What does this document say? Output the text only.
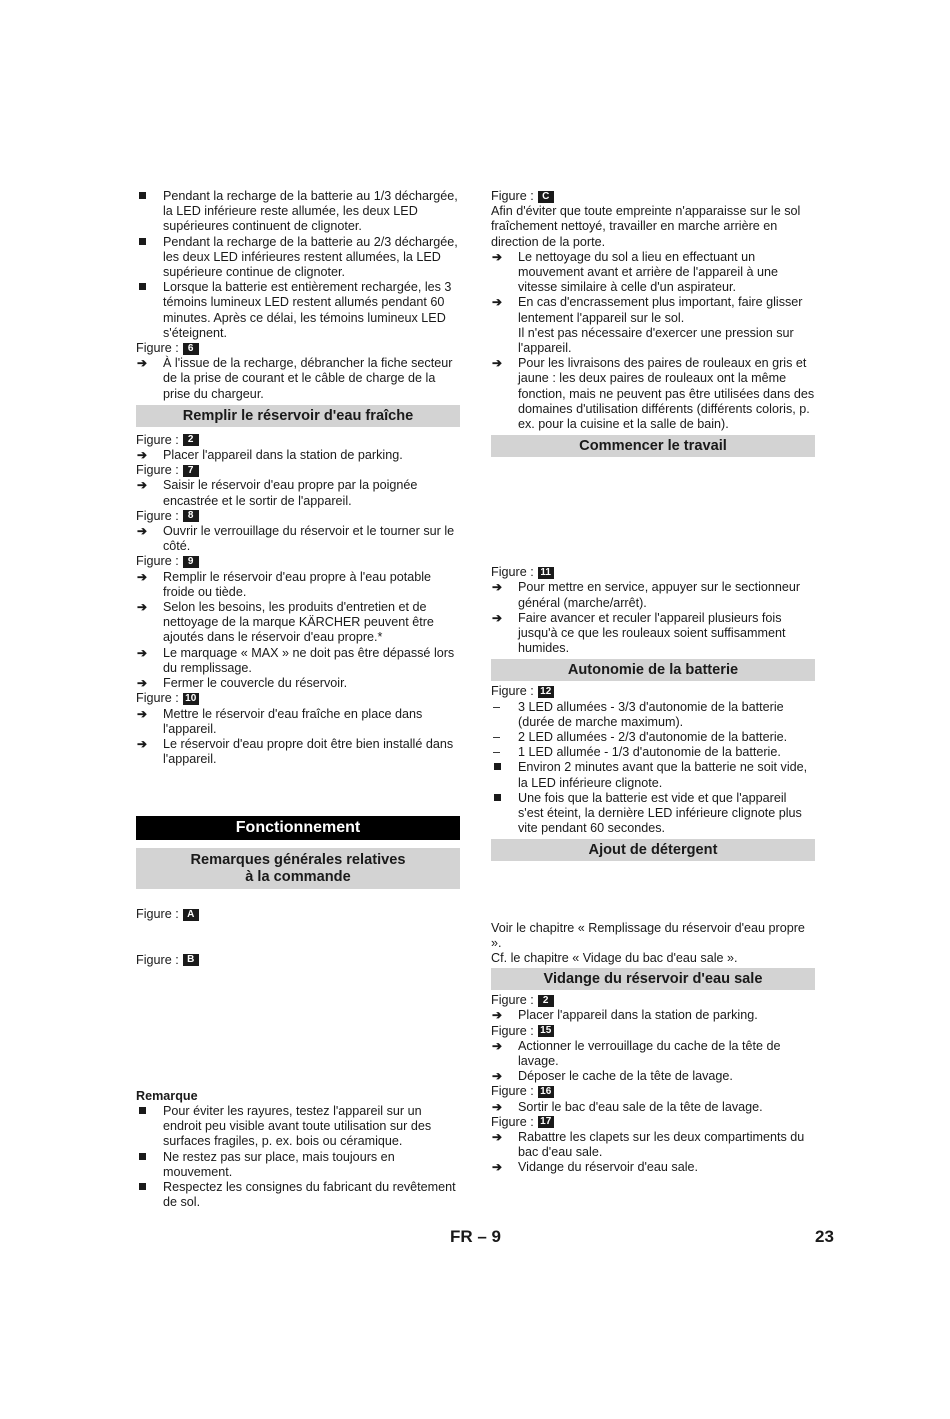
Pendant la recharge de la batterie au 1/3 déchargée, la LED inférieure reste allumée, les deux LED supérieures continuent de clignoter.
Pendant la recharge de la batterie au 2/3 déchargée, les deux LED inférieures restent allumées, la LED supérieure continue de clignoter.
Lorsque la batterie est entièrement rechargée, les 3 témoins lumineux LED restent allumés pendant 60 minutes. Après ce délai, les témoins lumineux LED s'éteignent.
Figure : 6
➔	À l'issue de la recharge, débrancher la fiche secteur de la prise de courant et le câble de charge de la prise du chargeur.
Remplir le réservoir d'eau fraîche
Figure : 2
➔	Placer l'appareil dans la station de parking.
Figure : 7
➔	Saisir le réservoir d'eau propre par la poignée encastrée et le sortir de l'appareil.
Figure : 8
➔	Ouvrir le verrouillage du réservoir et le tourner sur le côté.
Figure : 9
➔	Remplir le réservoir d'eau propre à l'eau potable froide ou tiède.
➔	Selon les besoins, les produits d'entretien et de nettoyage de la marque KÄRCHER peuvent être ajoutés dans le réservoir d'eau propre.*
➔	Le marquage « MAX » ne doit pas être dépassé lors du remplissage.
➔	Fermer le couvercle du réservoir.
Figure : 10
➔	Mettre le réservoir d'eau fraîche en place dans l'appareil.
➔	Le réservoir d'eau propre doit être bien installé dans l'appareil.
Fonctionnement
Remarques générales relatives
à la commande
Figure : A
Figure : B
Remarque
Pour éviter les rayures, testez l'appareil sur un endroit peu visible avant toute utilisation sur des surfaces fragiles, p. ex. bois ou céramique.
Ne restez pas sur place, mais toujours en mouvement.
Respectez les consignes du fabricant du revêtement de sol.
Figure : C
Afin d'éviter que toute empreinte n'apparaisse sur le sol fraîchement nettoyé, travailler en marche arrière en direction de la porte.
➔	Le nettoyage du sol a lieu en effectuant un mouvement avant et arrière de l'appareil à une vitesse similaire à celle d'un aspirateur.
➔	En cas d'encrassement plus important, faire glisser lentement l'appareil sur le sol.
Il n'est pas nécessaire d'exercer une pression sur l'appareil.
➔	Pour les livraisons des paires de rouleaux en gris et jaune : les deux paires de rouleaux ont la même fonction, mais ne peuvent pas être utilisées dans des domaines d'utilisation différents (différents coloris, p. ex. pour la cuisine et la salle de bain).
Commencer le travail
Figure : 11
➔	Pour mettre en service, appuyer sur le sectionneur général (marche/arrêt).
➔	Faire avancer et reculer l'appareil plusieurs fois jusqu'à ce que les rouleaux soient suffisamment humides.
Autonomie de la batterie
Figure : 12
–	3 LED allumées - 3/3 d'autonomie de la batterie (durée de marche maximum).
–	2 LED allumées - 2/3 d'autonomie de la batterie.
–	1 LED allumée - 1/3 d'autonomie de la batterie.
Environ 2 minutes avant que la batterie ne soit vide, la LED inférieure clignote.
Une fois que la batterie est vide et que l'appareil s'est éteint, la dernière LED inférieure clignote plus vite pendant 60 secondes.
Ajout de détergent
Voir le chapitre « Remplissage du réservoir d'eau propre ».
Cf. le chapitre « Vidage du bac d'eau sale ».
Vidange du réservoir d'eau sale
Figure : 2
➔	Placer l'appareil dans la station de parking.
Figure : 15
➔	Actionner le verrouillage du cache de la tête de lavage.
➔	Déposer le cache de la tête de lavage.
Figure : 16
➔	Sortir le bac d'eau sale de la tête de lavage.
Figure : 17
➔	Rabattre les clapets sur les deux compartiments du bac d'eau sale.
➔	Vidange du réservoir d'eau sale.
FR – 9	23
